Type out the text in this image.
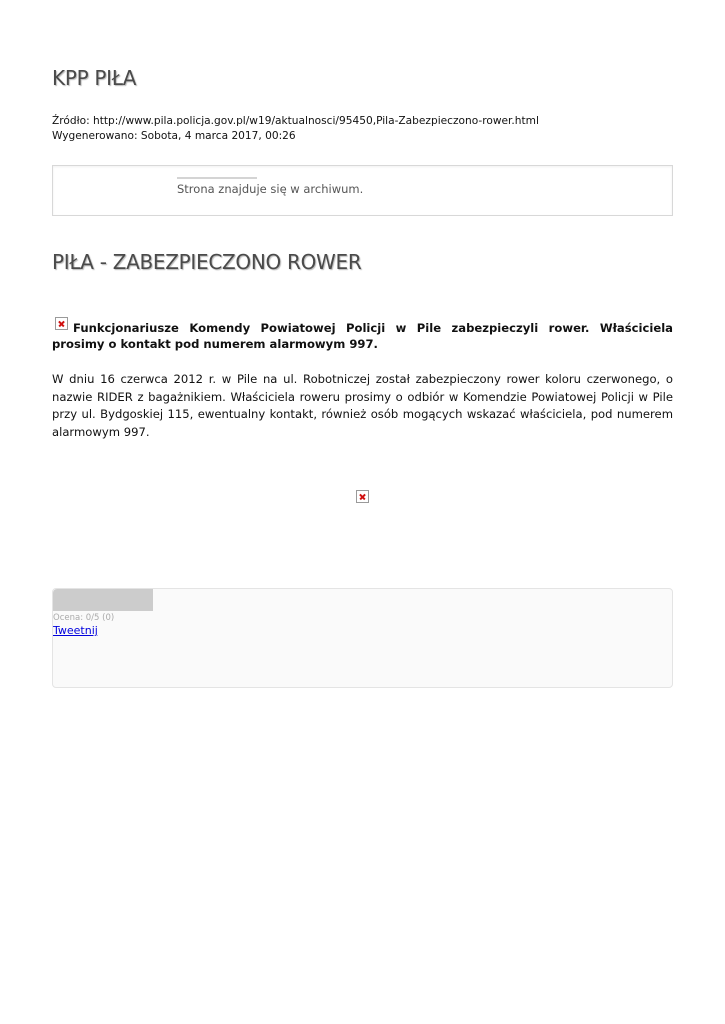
KPP PIŁA
Źródło: http://www.pila.policja.gov.pl/w19/aktualnosci/95450,Pila-Zabezpieczono-rower.html
Wygenerowano: Sobota, 4 marca 2017, 00:26
Strona znajduje się w archiwum.
PIŁA - ZABEZPIECZONO ROWER

Funkcjonariusze Komendy Powiatowej Policji w Pile zabezpieczyli rower. Właściciela prosimy o kontakt pod numerem alarmowym 997.

W dniu 16 czerwca 2012 r. w Pile na ul. Robotniczej został zabezpieczony rower koloru czerwonego, o nazwie RIDER z bagażnikiem. Właściciela roweru prosimy o odbiór w Komendzie Powiatowej Policji w Pile przy ul. Bydgoskiej 115, ewentualny kontakt, również osób mogących wskazać właściciela, pod numerem alarmowym 997.

Ocena: 0/5 (0)
Tweetnij
